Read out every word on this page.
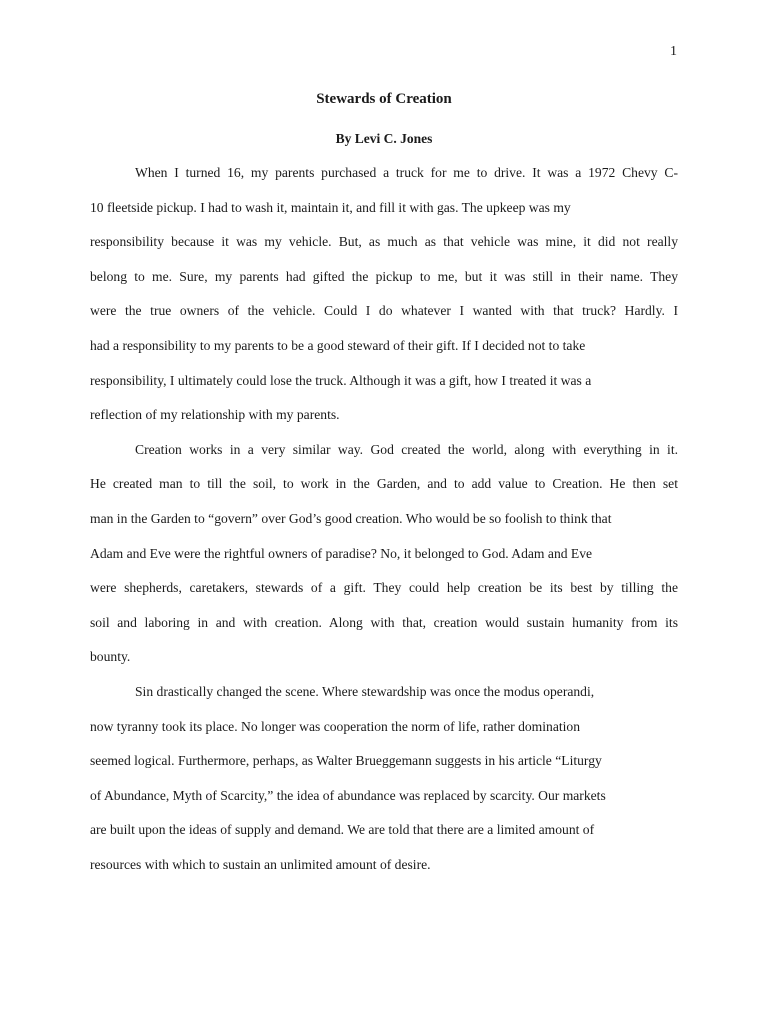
1
Stewards of Creation
By Levi C. Jones
When I turned 16, my parents purchased a truck for me to drive. It was a 1972 Chevy C-
10 fleetside pickup. I had to wash it, maintain it, and fill it with gas. The upkeep was my
responsibility because it was my vehicle. But, as much as that vehicle was mine, it did not really
belong to me. Sure, my parents had gifted the pickup to me, but it was still in their name. They
were the true owners of the vehicle. Could I do whatever I wanted with that truck? Hardly. I
had a responsibility to my parents to be a good steward of their gift. If I decided not to take
responsibility, I ultimately could lose the truck. Although it was a gift, how I treated it was a
reflection of my relationship with my parents.
Creation works in a very similar way. God created the world, along with everything in it.
He created man to till the soil, to work in the Garden, and to add value to Creation. He then set
man in the Garden to “govern” over God’s good creation. Who would be so foolish to think that
Adam and Eve were the rightful owners of paradise? No, it belonged to God. Adam and Eve
were shepherds, caretakers, stewards of a gift. They could help creation be its best by tilling the
soil and laboring in and with creation. Along with that, creation would sustain humanity from its
bounty.
Sin drastically changed the scene. Where stewardship was once the modus operandi,
now tyranny took its place. No longer was cooperation the norm of life, rather domination
seemed logical. Furthermore, perhaps, as Walter Brueggemann suggests in his article “Liturgy
of Abundance, Myth of Scarcity,” the idea of abundance was replaced by scarcity. Our markets
are built upon the ideas of supply and demand. We are told that there are a limited amount of
resources with which to sustain an unlimited amount of desire.
